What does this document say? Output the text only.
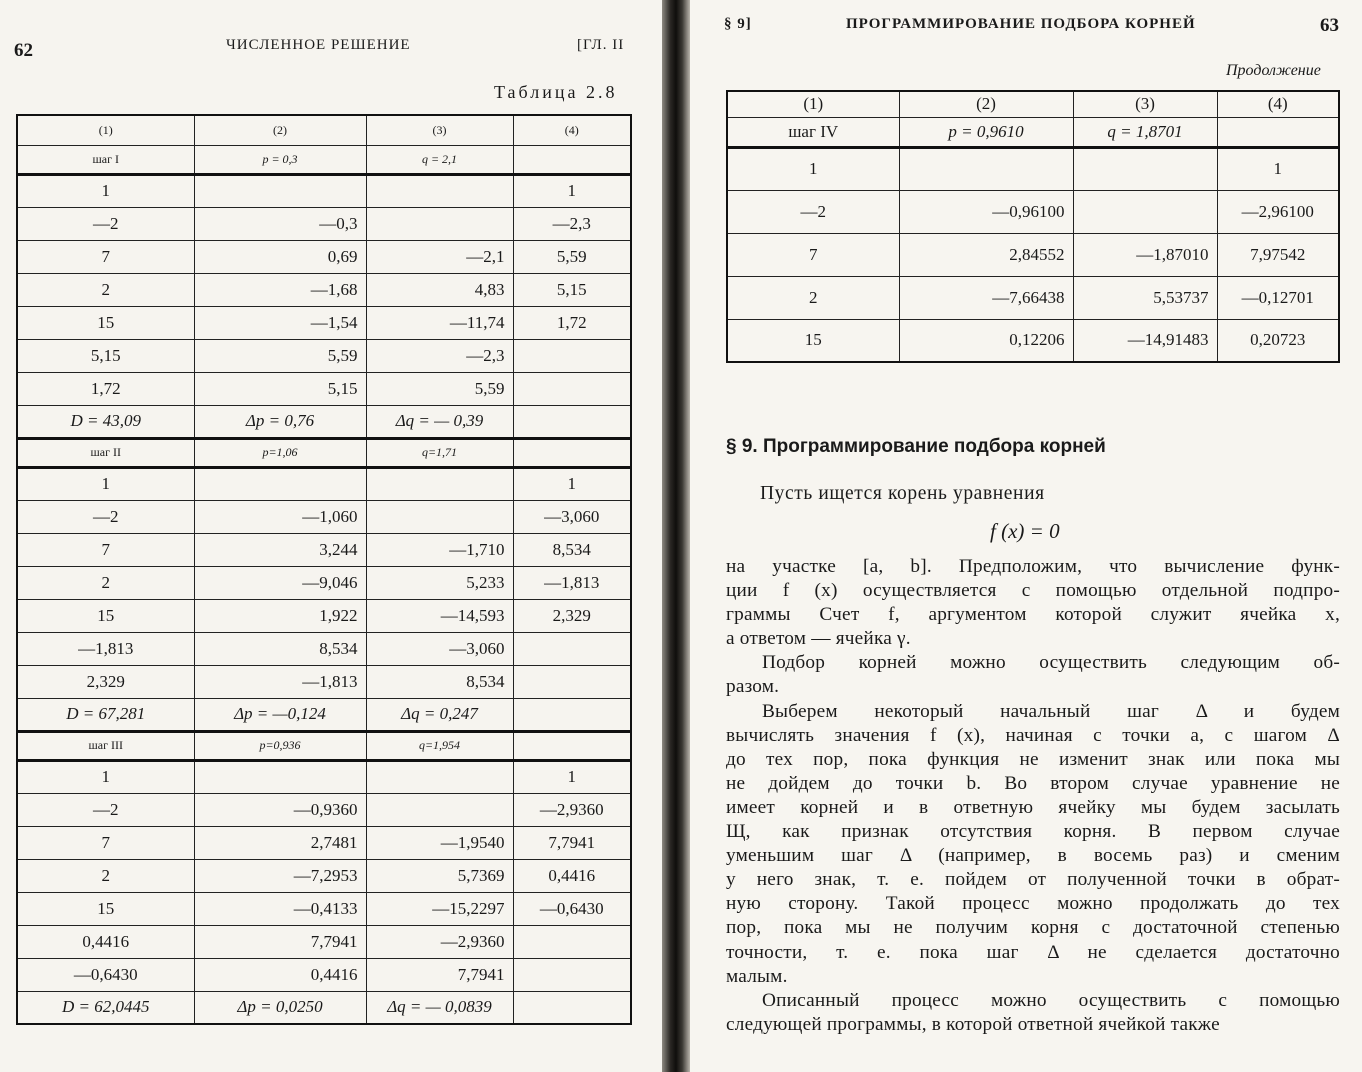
62	ЧИСЛЕННОЕ РЕШЕНИЕ	[ГЛ. II
Таблица 2.8
(1)	(2)	(3)	(4)
шаг I	p = 0,3	q = 2,1	
1			1
—2	—0,3		—2,3
7	0,69	—2,1	5,59
2	—1,68	4,83	5,15
15	—1,54	—11,74	1,72
5,15	5,59	—2,3	
1,72	5,15	5,59	
D = 43,09	Δp = 0,76	Δq = — 0,39	
шаг II	p=1,06	q=1,71	
1			1
—2	—1,060		—3,060
7	3,244	—1,710	8,534
2	—9,046	5,233	—1,813
15	1,922	—14,593	2,329
—1,813	8,534	—3,060	
2,329	—1,813	8,534	
D = 67,281	Δp = —0,124	Δq = 0,247	
шаг III	p=0,936	q=1,954	
1			1
—2	—0,9360		—2,9360
7	2,7481	—1,9540	7,7941
2	—7,2953	5,7369	0,4416
15	—0,4133	—15,2297	—0,6430
0,4416	7,7941	—2,9360	
—0,6430	0,4416	7,7941	
D = 62,0445	Δp = 0,0250	Δq = — 0,0839	
§ 9]	ПРОГРАММИРОВАНИЕ ПОДБОРА КОРНЕЙ	63
Продолжение
(1)	(2)	(3)	(4)
шаг IV	p = 0,9610	q = 1,8701	
1			1
—2	—0,96100		—2,96100
7	2,84552	—1,87010	7,97542
2	—7,66438	5,53737	—0,12701
15	0,12206	—14,91483	0,20723
§ 9. Программирование подбора корней
Пусть ищется корень уравнения
f (x) = 0
на участке [a, b]. Предположим, что вычисление функ-
ции f (x) осуществляется с помощью отдельной подпро-
граммы Счет f, аргументом которой служит ячейка x,
а ответом — ячейка γ.
Подбор корней можно осуществить следующим об-
разом.
Выберем некоторый начальный шаг Δ и будем
вычислять значения f (x), начиная с точки a, с шагом Δ
до тех пор, пока функция не изменит знак или пока мы
не дойдем до точки b. Во втором случае уравнение не
имеет корней и в ответную ячейку мы будем засылать
Щ, как признак отсутствия корня. В первом случае
уменьшим шаг Δ (например, в восемь раз) и сменим
у него знак, т. е. пойдем от полученной точки в обрат-
ную сторону. Такой процесс можно продолжать до тех
пор, пока мы не получим корня с достаточной степенью
точности, т. е. пока шаг Δ не сделается достаточно
малым.
Описанный процесс можно осуществить с помощью
следующей программы, в которой ответной ячейкой также
